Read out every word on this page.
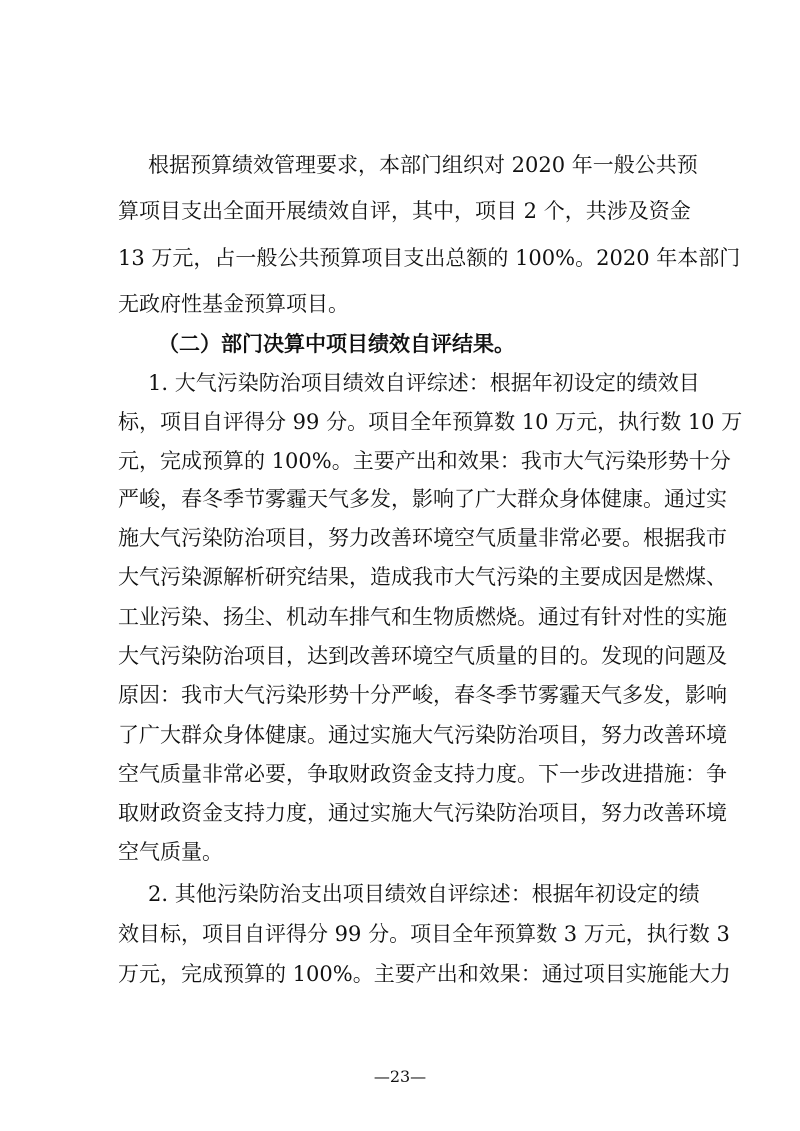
根据预算绩效管理要求，本部门组织对 2020 年一般公共预
算项目支出全面开展绩效自评，其中，项目 2 个，共涉及资金
13 万元，占一般公共预算项目支出总额的 100%。2020 年本部门
无政府性基金预算项目。
（二）部门决算中项目绩效自评结果。
1. 大气污染防治项目绩效自评综述：根据年初设定的绩效目
标，项目自评得分 99 分。项目全年预算数 10 万元，执行数 10 万
元，完成预算的 100%。主要产出和效果：我市大气污染形势十分
严峻，春冬季节雾霾天气多发，影响了广大群众身体健康。通过实
施大气污染防治项目，努力改善环境空气质量非常必要。根据我市
大气污染源解析研究结果，造成我市大气污染的主要成因是燃煤、
工业污染、扬尘、机动车排气和生物质燃烧。通过有针对性的实施
大气污染防治项目，达到改善环境空气质量的目的。发现的问题及
原因：我市大气污染形势十分严峻，春冬季节雾霾天气多发，影响
了广大群众身体健康。通过实施大气污染防治项目，努力改善环境
空气质量非常必要，争取财政资金支持力度。下一步改进措施：争
取财政资金支持力度，通过实施大气污染防治项目，努力改善环境
空气质量。
2. 其他污染防治支出项目绩效自评综述：根据年初设定的绩
效目标，项目自评得分 99 分。项目全年预算数 3 万元，执行数 3
万元，完成预算的 100%。主要产出和效果：通过项目实施能大力
—23—
